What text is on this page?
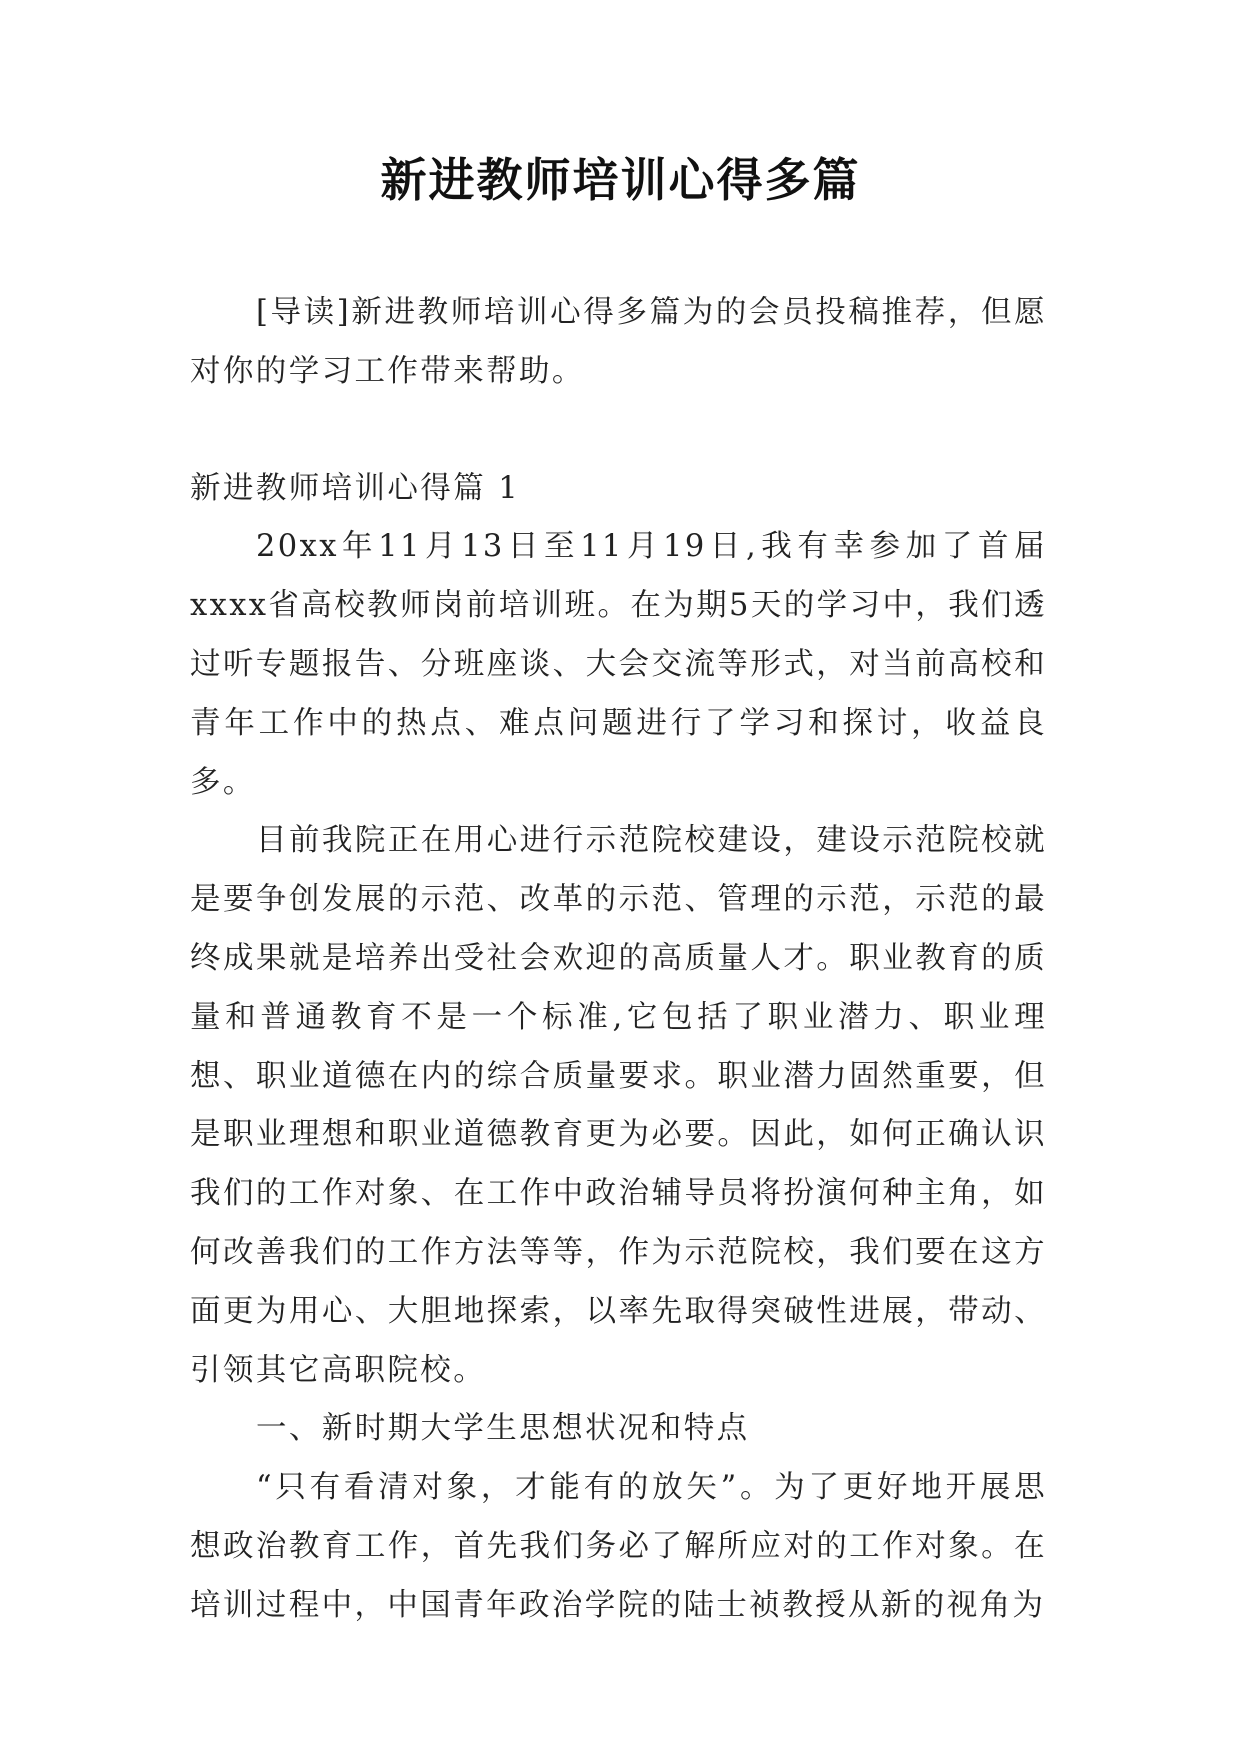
新进教师培训心得多篇

[导读]新进教师培训心得多篇为的会员投稿推荐，但愿对你的学习工作带来帮助。

新进教师培训心得篇 1

20xx年11月13日至11月19日,我有幸参加了首届xxxx省高校教师岗前培训班。在为期5天的学习中，我们透过听专题报告、分班座谈、大会交流等形式，对当前高校和青年工作中的热点、难点问题进行了学习和探讨，收益良多。

目前我院正在用心进行示范院校建设，建设示范院校就是要争创发展的示范、改革的示范、管理的示范，示范的最终成果就是培养出受社会欢迎的高质量人才。职业教育的质量和普通教育不是一个标准,它包括了职业潜力、职业理想、职业道德在内的综合质量要求。职业潜力固然重要，但是职业理想和职业道德教育更为必要。因此，如何正确认识我们的工作对象、在工作中政治辅导员将扮演何种主角，如何改善我们的工作方法等等，作为示范院校，我们要在这方面更为用心、大胆地探索，以率先取得突破性进展，带动、引领其它高职院校。

一、新时期大学生思想状况和特点

“只有看清对象，才能有的放矢”。为了更好地开展思想政治教育工作，首先我们务必了解所应对的工作对象。在培训过程中，中国青年政治学院的陆士祯教授从新的视角为
